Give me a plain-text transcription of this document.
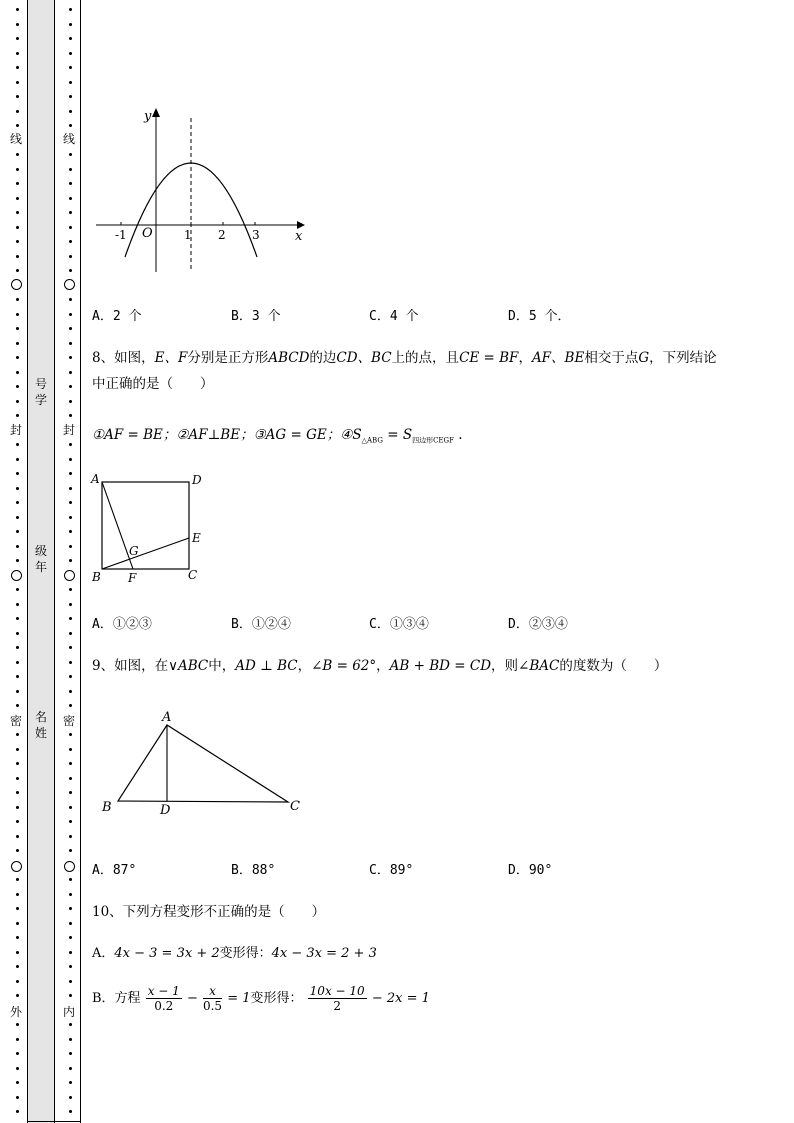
线
封
密
外
线
封
密
内
号
学
级
年
名
姓
y
x
O
-1	1 2 3
A．2 个	B．3 个	C．4 个	D．5 个．
8、如图，E、F分别是正方形ABCD的边CD、BC上的点，且CE = BF，AF、BE相交于点G，下列结论
中正确的是（　　）
①AF = BE；②AF⊥BE；③AG = GE；$④S_{\triangle ABG} = S_{四边形CEGF}$ .
A	D
E
G
B F	C
A．①②③	B．①②④	C．①③④	D．②③④
9、如图，在∨ABC中，AD ⊥ BC，∠B = 62°，AB + BD = CD，则∠BAC的度数为（　　）
A
B	D	C
A．87°	B．88°	C．89°	D．90°
10、下列方程变形不正确的是（　　）
A．4x − 3 = 3x + 2变形得：4x − 3x = 2 + 3
B．方程 $\frac{x - 1}{0.2} - \frac{x}{0.5} = 1$变形得： $\frac{10x - 10}{2} - 2x = 1$
